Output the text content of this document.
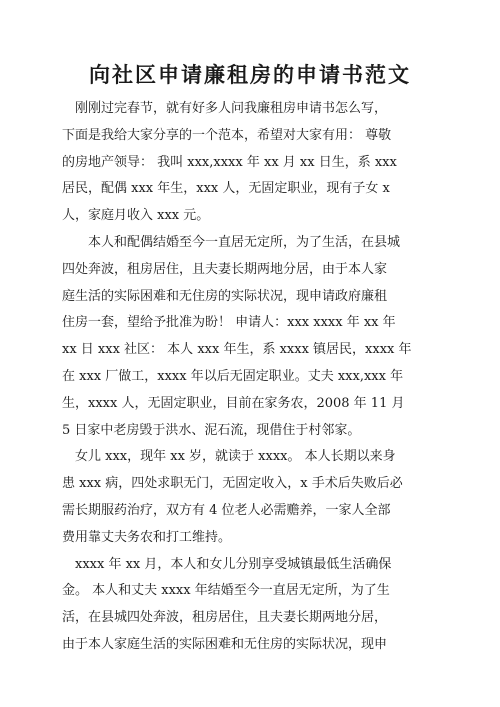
向社区申请廉租房的申请书范文
　刚刚过完春节，就有好多人问我廉租房申请书怎么写，
下面是我给大家分享的一个范本，希望对大家有用： 尊敬
的房地产领导： 我叫 xxx,xxxx 年 xx 月 xx 日生，系 xxx
居民，配偶 xxx 年生，xxx 人，无固定职业，现有子女 x
人，家庭月收入 xxx 元。
　　本人和配偶结婚至今一直居无定所，为了生活，在县城
四处奔波，租房居住，且夫妻长期两地分居，由于本人家
庭生活的实际困难和无住房的实际状况，现申请政府廉租
住房一套，望给予批准为盼！ 申请人：xxx xxxx 年 xx 年
xx 日 xxx 社区： 本人 xxx 年生，系 xxxx 镇居民，xxxx 年
在 xxx 厂做工，xxxx 年以后无固定职业。丈夫 xxx,xxx 年
生，xxxx 人，无固定职业，目前在家务农，2008 年 11 月
5 日家中老房毁于洪水、泥石流，现借住于村邻家。
　女儿 xxx，现年 xx 岁，就读于 xxxx。 本人长期以来身
患 xxx 病，四处求职无门，无固定收入，x 手术后失败后必
需长期服药治疗，双方有 4 位老人必需赡养，一家人全部
费用靠丈夫务农和打工维持。
　xxxx 年 xx 月，本人和女儿分别享受城镇最低生活确保
金。 本人和丈夫 xxxx 年结婚至今一直居无定所，为了生
活，在县城四处奔波，租房居住，且夫妻长期两地分居，
由于本人家庭生活的实际困难和无住房的实际状况，现申
